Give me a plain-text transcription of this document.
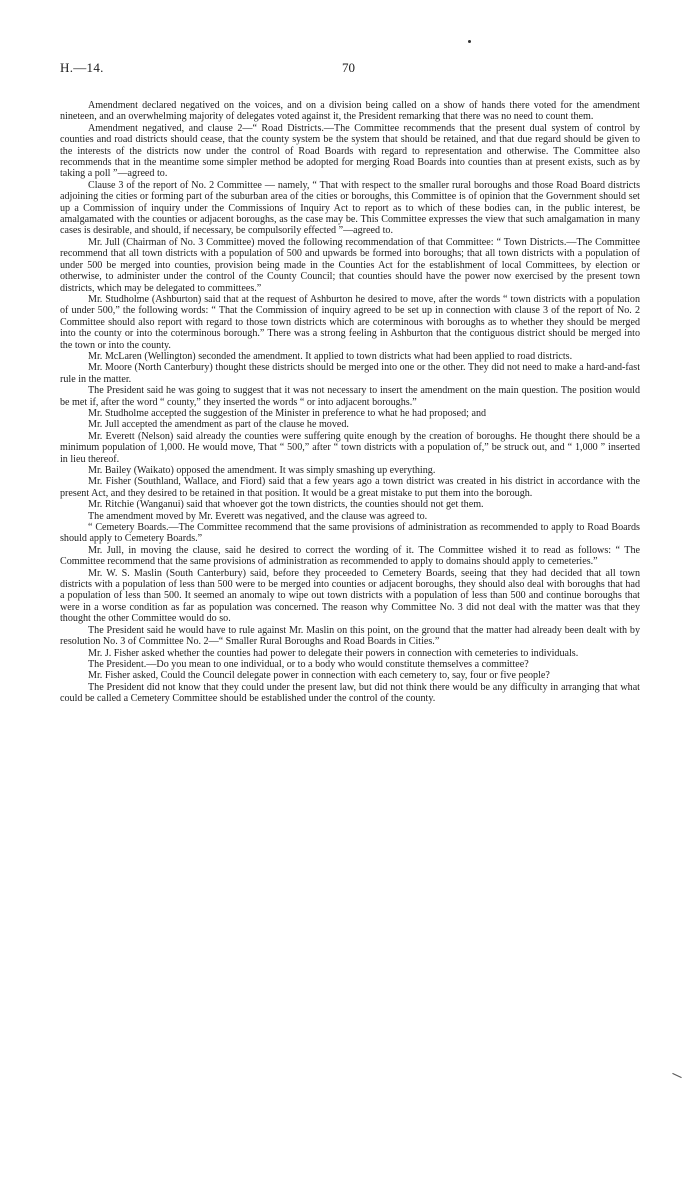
H.—14.	70

Amendment declared negatived on the voices, and on a division being called on a show of hands there voted for the amendment nineteen, and an overwhelming majority of delegates voted against it, the President remarking that there was no need to count them.

Amendment negatived, and clause 2—“ Road Districts.—The Committee recommends that the present dual system of control by counties and road districts should cease, that the county system be the system that should be retained, and that due regard should be given to the interests of the districts now under the control of Road Boards with regard to representation and otherwise. The Committee also recommends that in the meantime some simpler method be adopted for merging Road Boards into counties than at present exists, such as by taking a poll ”—agreed to.

Clause 3 of the report of No. 2 Committee — namely, “ That with respect to the smaller rural boroughs and those Road Board districts adjoining the cities or forming part of the suburban area of the cities or boroughs, this Committee is of opinion that the Government should set up a Commission of inquiry under the Commissions of Inquiry Act to report as to which of these bodies can, in the public interest, be amalgamated with the counties or adjacent boroughs, as the case may be. This Committee expresses the view that such amalgamation in many cases is desirable, and should, if necessary, be compulsorily effected ”—agreed to.

Mr. Jull (Chairman of No. 3 Committee) moved the following recommendation of that Committee: “ Town Districts.—The Committee recommend that all town districts with a population of 500 and upwards be formed into boroughs; that all town districts with a population of under 500 be merged into counties, provision being made in the Counties Act for the establishment of local Committees, by election or otherwise, to administer under the control of the County Council; that counties should have the power now exercised by the present town districts, which may be delegated to committees.”

Mr. Studholme (Ashburton) said that at the request of Ashburton he desired to move, after the words “ town districts with a population of under 500,” the following words: “ That the Commission of inquiry agreed to be set up in connection with clause 3 of the report of No. 2 Committee should also report with regard to those town districts which are coterminous with boroughs as to whether they should be merged into the county or into the coterminous borough.” There was a strong feeling in Ashburton that the contiguous district should be merged into the town or into the county.

Mr. McLaren (Wellington) seconded the amendment. It applied to town districts what had been applied to road districts.

Mr. Moore (North Canterbury) thought these districts should be merged into one or the other. They did not need to make a hard-and-fast rule in the matter.

The President said he was going to suggest that it was not necessary to insert the amendment on the main question. The position would be met if, after the word “ county,” they inserted the words “ or into adjacent boroughs.”

Mr. Studholme accepted the suggestion of the Minister in preference to what he had proposed; and

Mr. Jull accepted the amendment as part of the clause he moved.

Mr. Everett (Nelson) said already the counties were suffering quite enough by the creation of boroughs. He thought there should be a minimum population of 1,000. He would move, That “ 500,” after “ town districts with a population of,” be struck out, and “ 1,000 ” inserted in lieu thereof.

Mr. Bailey (Waikato) opposed the amendment. It was simply smashing up everything.

Mr. Fisher (Southland, Wallace, and Fiord) said that a few years ago a town district was created in his district in accordance with the present Act, and they desired to be retained in that position. It would be a great mistake to put them into the borough.

Mr. Ritchie (Wanganui) said that whoever got the town districts, the counties should not get them.

The amendment moved by Mr. Everett was negatived, and the clause was agreed to.

“ Cemetery Boards.—The Committee recommend that the same provisions of administration as recommended to apply to Road Boards should apply to Cemetery Boards.”

Mr. Jull, in moving the clause, said he desired to correct the wording of it. The Committee wished it to read as follows: “ The Committee recommend that the same provisions of administration as recommended to apply to domains should apply to cemeteries.”

Mr. W. S. Maslin (South Canterbury) said, before they proceeded to Cemetery Boards, seeing that they had decided that all town districts with a population of less than 500 were to be merged into counties or adjacent boroughs, they should also deal with boroughs that had a population of less than 500. It seemed an anomaly to wipe out town districts with a population of less than 500 and continue boroughs that were in a worse condition as far as population was concerned. The reason why Committee No. 3 did not deal with the matter was that they thought the other Committee would do so.

The President said he would have to rule against Mr. Maslin on this point, on the ground that the matter had already been dealt with by resolution No. 3 of Committee No. 2—“ Smaller Rural Boroughs and Road Boards in Cities.”

Mr. J. Fisher asked whether the counties had power to delegate their powers in connection with cemeteries to individuals.

The President.—Do you mean to one individual, or to a body who would constitute themselves a committee?

Mr. Fisher asked, Could the Council delegate power in connection with each cemetery to, say, four or five people?

The President did not know that they could under the present law, but did not think there would be any difficulty in arranging that what could be called a Cemetery Committee should be established under the control of the county.
